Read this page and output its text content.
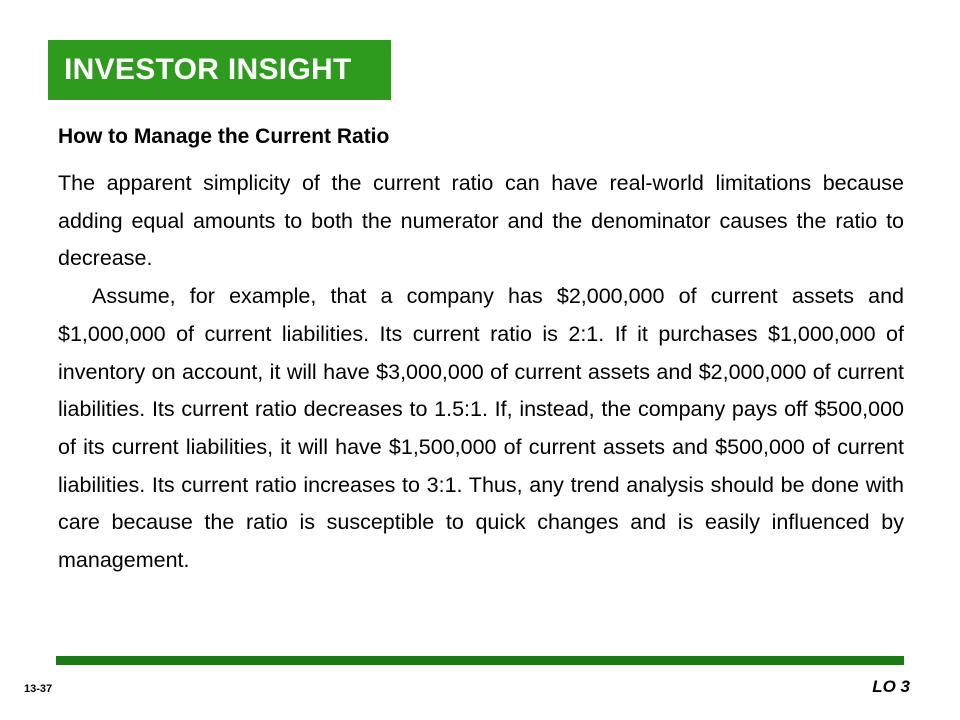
INVESTOR INSIGHT
How to Manage the Current Ratio

The apparent simplicity of the current ratio can have real-world limitations because adding equal amounts to both the numerator and the denominator causes the ratio to decrease.

Assume, for example, that a company has $2,000,000 of current assets and $1,000,000 of current liabilities. Its current ratio is 2:1. If it purchases $1,000,000 of inventory on account, it will have $3,000,000 of current assets and $2,000,000 of current liabilities. Its current ratio decreases to 1.5:1. If, instead, the company pays off $500,000 of its current liabilities, it will have $1,500,000 of current assets and $500,000 of current liabilities. Its current ratio increases to 3:1. Thus, any trend analysis should be done with care because the ratio is susceptible to quick changes and is easily influenced by management.

13-37	LO 3
